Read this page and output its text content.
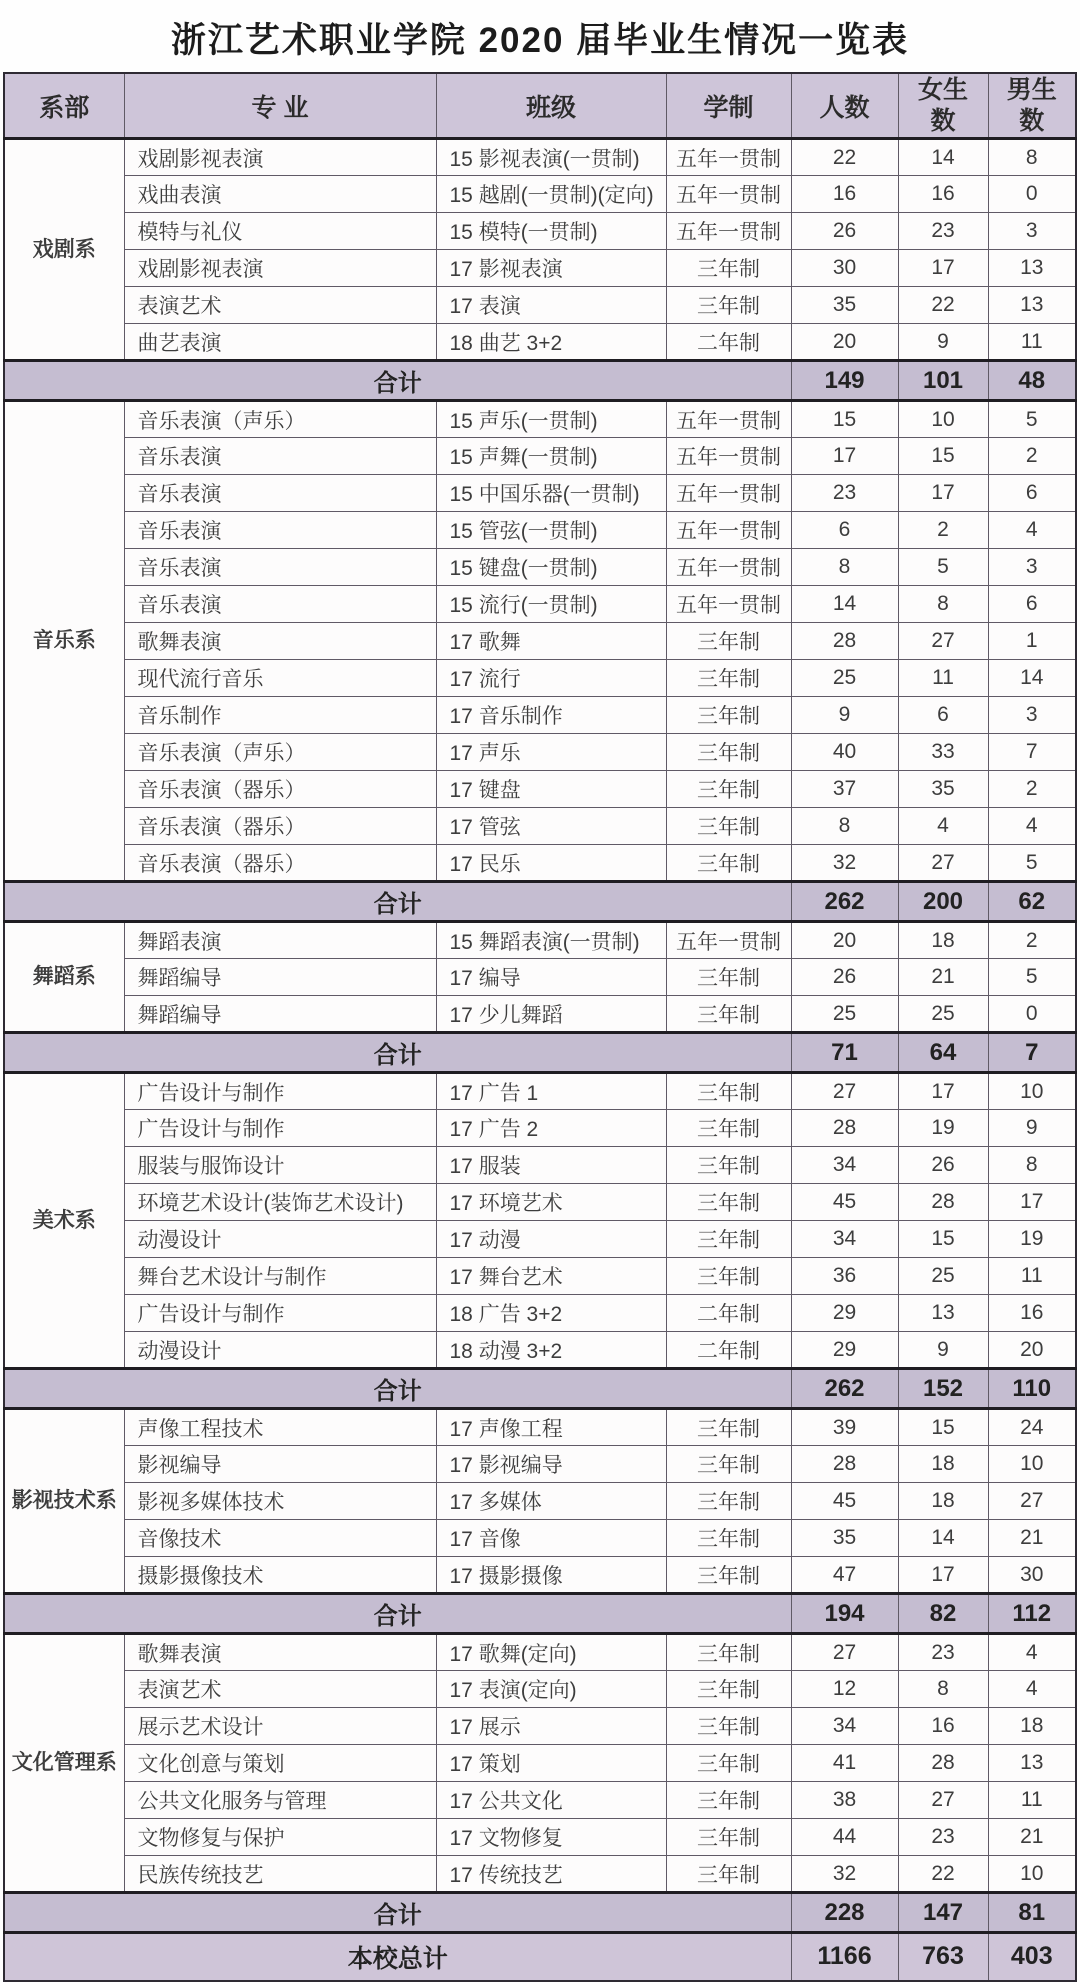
浙江艺术职业学院 2020 届毕业生情况一览表
系部	专 业	班级	学制	人数	女生数	男生数
戏剧系	戏剧影视表演	15 影视表演(一贯制)	五年一贯制	22	14	8
	戏曲表演	15 越剧(一贯制)(定向)	五年一贯制	16	16	0
	模特与礼仪	15 模特(一贯制)	五年一贯制	26	23	3
	戏剧影视表演	17 影视表演	三年制	30	17	13
	表演艺术	17 表演	三年制	35	22	13
	曲艺表演	18 曲艺 3+2	二年制	20	9	11
合计				149	101	48
音乐系	音乐表演（声乐）	15 声乐(一贯制)	五年一贯制	15	10	5
	音乐表演	15 声舞(一贯制)	五年一贯制	17	15	2
	音乐表演	15 中国乐器(一贯制)	五年一贯制	23	17	6
	音乐表演	15 管弦(一贯制)	五年一贯制	6	2	4
	音乐表演	15 键盘(一贯制)	五年一贯制	8	5	3
	音乐表演	15 流行(一贯制)	五年一贯制	14	8	6
	歌舞表演	17 歌舞	三年制	28	27	1
	现代流行音乐	17 流行	三年制	25	11	14
	音乐制作	17 音乐制作	三年制	9	6	3
	音乐表演（声乐）	17 声乐	三年制	40	33	7
	音乐表演（器乐）	17 键盘	三年制	37	35	2
	音乐表演（器乐）	17 管弦	三年制	8	4	4
	音乐表演（器乐）	17 民乐	三年制	32	27	5
合计				262	200	62
舞蹈系	舞蹈表演	15 舞蹈表演(一贯制)	五年一贯制	20	18	2
	舞蹈编导	17 编导	三年制	26	21	5
	舞蹈编导	17 少儿舞蹈	三年制	25	25	0
合计				71	64	7
美术系	广告设计与制作	17 广告 1	三年制	27	17	10
	广告设计与制作	17 广告 2	三年制	28	19	9
	服装与服饰设计	17 服装	三年制	34	26	8
	环境艺术设计(装饰艺术设计)	17 环境艺术	三年制	45	28	17
	动漫设计	17 动漫	三年制	34	15	19
	舞台艺术设计与制作	17 舞台艺术	三年制	36	25	11
	广告设计与制作	18 广告 3+2	二年制	29	13	16
	动漫设计	18 动漫 3+2	二年制	29	9	20
合计				262	152	110
影视技术系	声像工程技术	17 声像工程	三年制	39	15	24
	影视编导	17 影视编导	三年制	28	18	10
	影视多媒体技术	17 多媒体	三年制	45	18	27
	音像技术	17 音像	三年制	35	14	21
	摄影摄像技术	17 摄影摄像	三年制	47	17	30
合计				194	82	112
文化管理系	歌舞表演	17 歌舞(定向)	三年制	27	23	4
	表演艺术	17 表演(定向)	三年制	12	8	4
	展示艺术设计	17 展示	三年制	34	16	18
	文化创意与策划	17 策划	三年制	41	28	13
	公共文化服务与管理	17 公共文化	三年制	38	27	11
	文物修复与保护	17 文物修复	三年制	44	23	21
	民族传统技艺	17 传统技艺	三年制	32	22	10
合计				228	147	81
本校总计				1166	763	403
